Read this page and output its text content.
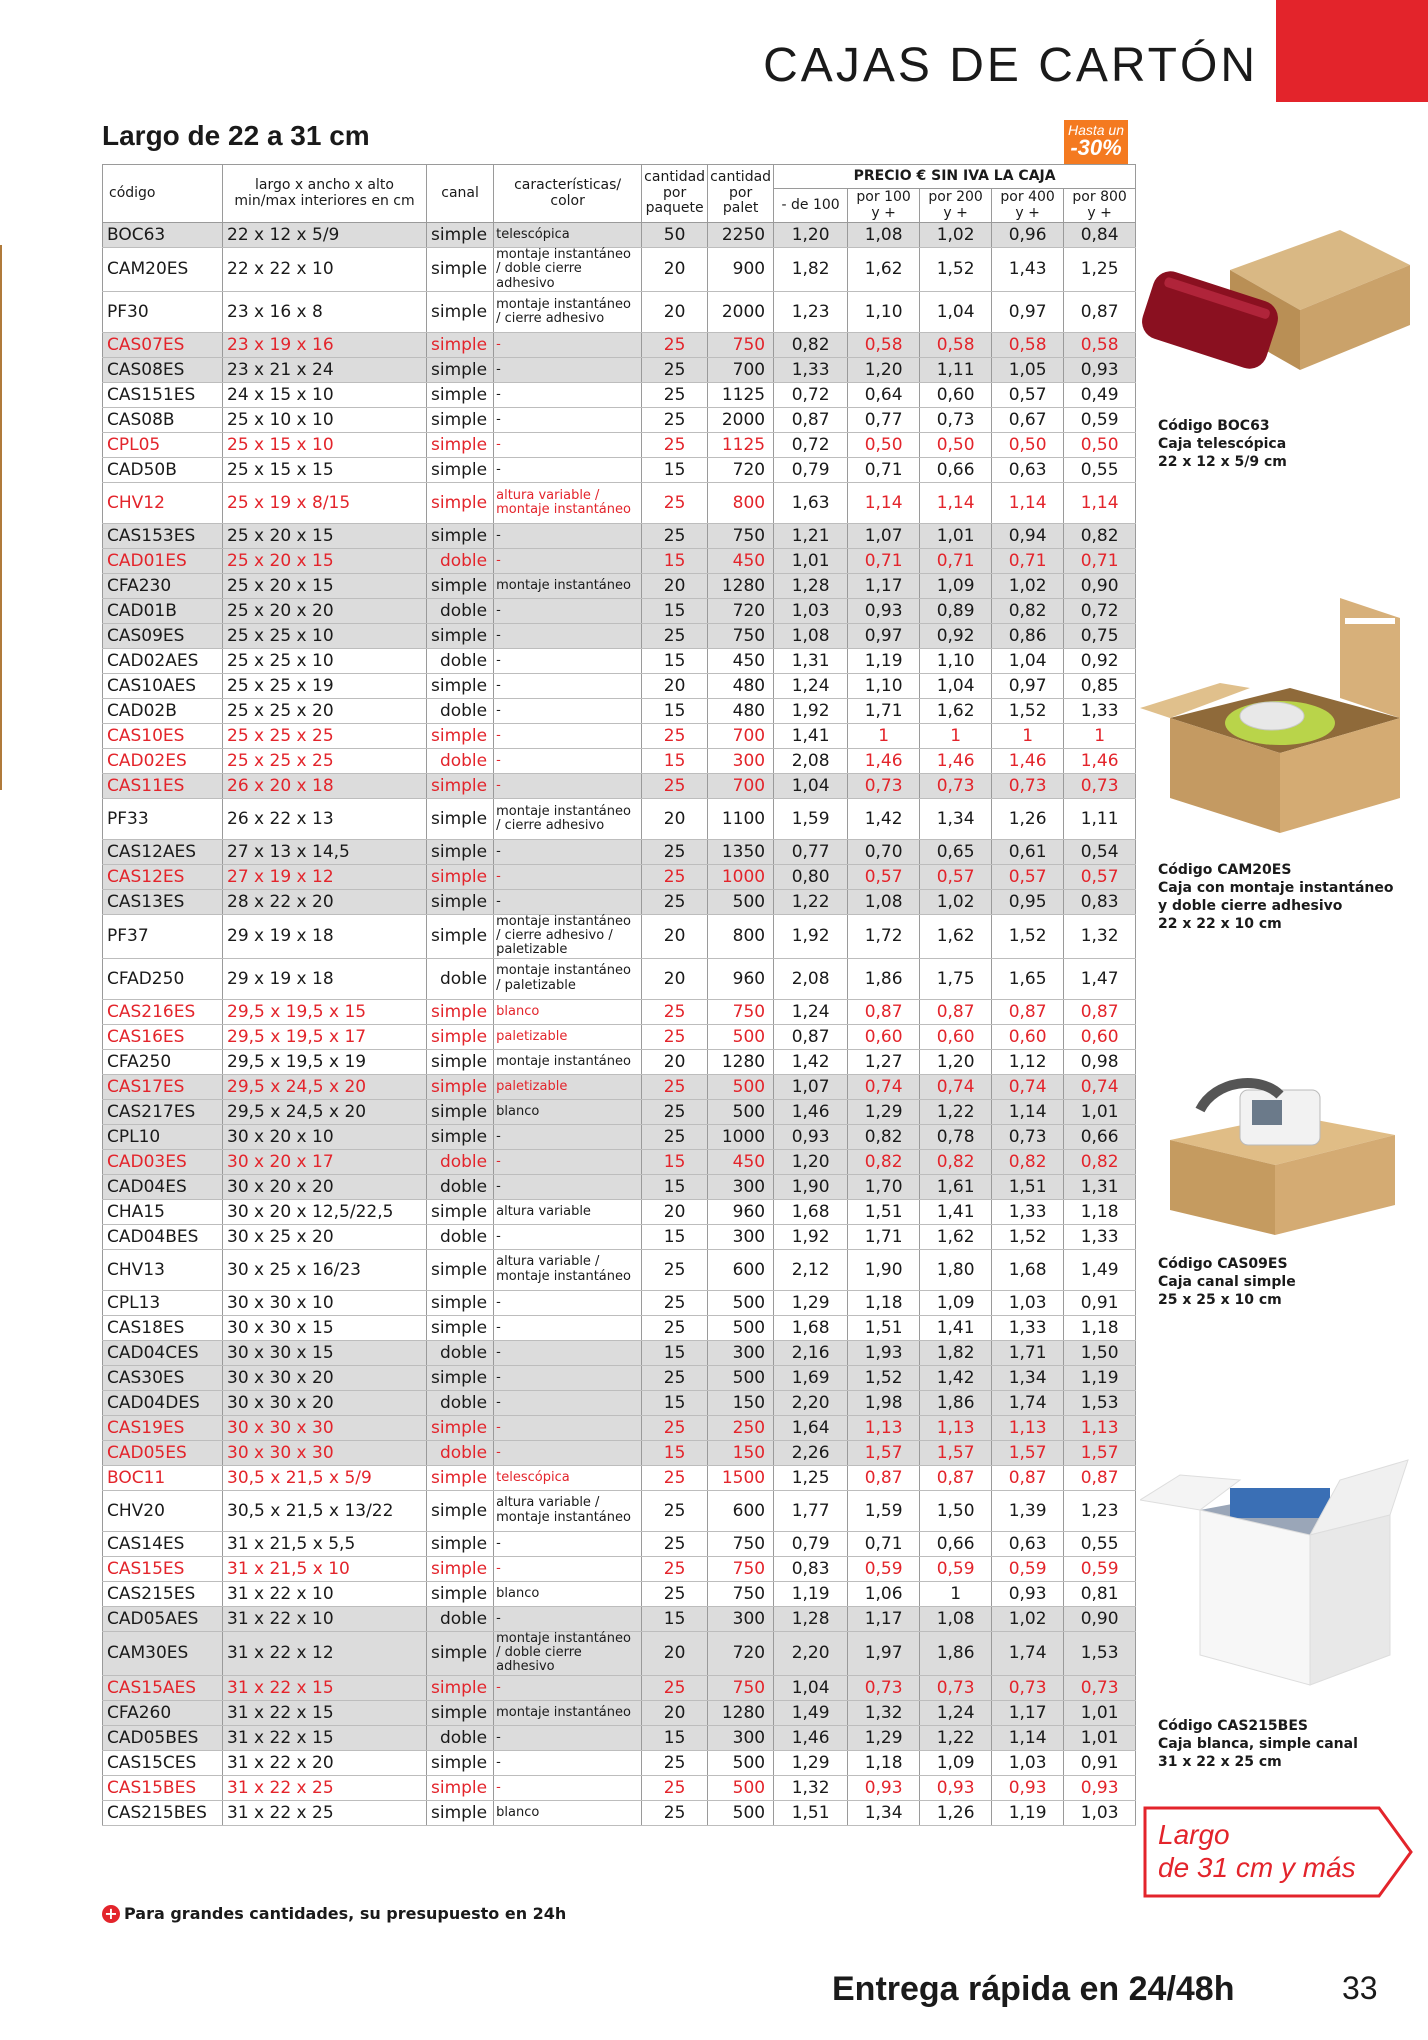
CAJAS DE CARTÓN
Largo de 22 a 31 cm	Hasta un
-30%
código	largo x ancho x alto min/max interiores en cm	canal	características/ color	cantidad por paquete	cantidad por palet	PRECIO € SIN IVA LA CAJA				
						- de 100	por 100 y +	por 200 y +	por 400 y +	por 800 y +
BOC63	22 x 12 x 5/9	simple	telescópica	50	2250	1,20	1,08	1,02	0,96	0,84
CAM20ES	22 x 22 x 10	simple	montaje instantáneo / doble cierre adhesivo	20	900	1,82	1,62	1,52	1,43	1,25
PF30	23 x 16 x 8	simple	montaje instantáneo / cierre adhesivo	20	2000	1,23	1,10	1,04	0,97	0,87
CAS07ES	23 x 19 x 16	simple	-	25	750	0,82	0,58	0,58	0,58	0,58
CAS08ES	23 x 21 x 24	simple	-	25	700	1,33	1,20	1,11	1,05	0,93
CAS151ES	24 x 15 x 10	simple	-	25	1125	0,72	0,64	0,60	0,57	0,49
CAS08B	25 x 10 x 10	simple	-	25	2000	0,87	0,77	0,73	0,67	0,59
CPL05	25 x 15 x 10	simple	-	25	1125	0,72	0,50	0,50	0,50	0,50
CAD50B	25 x 15 x 15	simple	-	15	720	0,79	0,71	0,66	0,63	0,55
CHV12	25 x 19 x 8/15	simple	altura variable / montaje instantáneo	25	800	1,63	1,14	1,14	1,14	1,14
CAS153ES	25 x 20 x 15	simple	-	25	750	1,21	1,07	1,01	0,94	0,82
CAD01ES	25 x 20 x 15	doble	-	15	450	1,01	0,71	0,71	0,71	0,71
CFA230	25 x 20 x 15	simple	montaje instantáneo	20	1280	1,28	1,17	1,09	1,02	0,90
CAD01B	25 x 20 x 20	doble	-	15	720	1,03	0,93	0,89	0,82	0,72
CAS09ES	25 x 25 x 10	simple	-	25	750	1,08	0,97	0,92	0,86	0,75
CAD02AES	25 x 25 x 10	doble	-	15	450	1,31	1,19	1,10	1,04	0,92
CAS10AES	25 x 25 x 19	simple	-	20	480	1,24	1,10	1,04	0,97	0,85
CAD02B	25 x 25 x 20	doble	-	15	480	1,92	1,71	1,62	1,52	1,33
CAS10ES	25 x 25 x 25	simple	-	25	700	1,41	1	1	1	1
CAD02ES	25 x 25 x 25	doble	-	15	300	2,08	1,46	1,46	1,46	1,46
CAS11ES	26 x 20 x 18	simple	-	25	700	1,04	0,73	0,73	0,73	0,73
PF33	26 x 22 x 13	simple	montaje instantáneo / cierre adhesivo	20	1100	1,59	1,42	1,34	1,26	1,11
CAS12AES	27 x 13 x 14,5	simple	-	25	1350	0,77	0,70	0,65	0,61	0,54
CAS12ES	27 x 19 x 12	simple	-	25	1000	0,80	0,57	0,57	0,57	0,57
CAS13ES	28 x 22 x 20	simple	-	25	500	1,22	1,08	1,02	0,95	0,83
PF37	29 x 19 x 18	simple	montaje instantáneo / cierre adhesivo / paletizable	20	800	1,92	1,72	1,62	1,52	1,32
CFAD250	29 x 19 x 18	doble	montaje instantáneo / paletizable	20	960	2,08	1,86	1,75	1,65	1,47
CAS216ES	29,5 x 19,5 x 15	simple	blanco	25	750	1,24	0,87	0,87	0,87	0,87
CAS16ES	29,5 x 19,5 x 17	simple	paletizable	25	500	0,87	0,60	0,60	0,60	0,60
CFA250	29,5 x 19,5 x 19	simple	montaje instantáneo	20	1280	1,42	1,27	1,20	1,12	0,98
CAS17ES	29,5 x 24,5 x 20	simple	paletizable	25	500	1,07	0,74	0,74	0,74	0,74
CAS217ES	29,5 x 24,5 x 20	simple	blanco	25	500	1,46	1,29	1,22	1,14	1,01
CPL10	30 x 20 x 10	simple	-	25	1000	0,93	0,82	0,78	0,73	0,66
CAD03ES	30 x 20 x 17	doble	-	15	450	1,20	0,82	0,82	0,82	0,82
CAD04ES	30 x 20 x 20	doble	-	15	300	1,90	1,70	1,61	1,51	1,31
CHA15	30 x 20 x 12,5/22,5	simple	altura variable	20	960	1,68	1,51	1,41	1,33	1,18
CAD04BES	30 x 25 x 20	doble	-	15	300	1,92	1,71	1,62	1,52	1,33
CHV13	30 x 25 x 16/23	simple	altura variable / montaje instantáneo	25	600	2,12	1,90	1,80	1,68	1,49
CPL13	30 x 30 x 10	simple	-	25	500	1,29	1,18	1,09	1,03	0,91
CAS18ES	30 x 30 x 15	simple	-	25	500	1,68	1,51	1,41	1,33	1,18
CAD04CES	30 x 30 x 15	doble	-	15	300	2,16	1,93	1,82	1,71	1,50
CAS30ES	30 x 30 x 20	simple	-	25	500	1,69	1,52	1,42	1,34	1,19
CAD04DES	30 x 30 x 20	doble	-	15	150	2,20	1,98	1,86	1,74	1,53
CAS19ES	30 x 30 x 30	simple	-	25	250	1,64	1,13	1,13	1,13	1,13
CAD05ES	30 x 30 x 30	doble	-	15	150	2,26	1,57	1,57	1,57	1,57
BOC11	30,5 x 21,5 x 5/9	simple	telescópica	25	1500	1,25	0,87	0,87	0,87	0,87
CHV20	30,5 x 21,5 x 13/22	simple	altura variable / montaje instantáneo	25	600	1,77	1,59	1,50	1,39	1,23
CAS14ES	31 x 21,5 x 5,5	simple	-	25	750	0,79	0,71	0,66	0,63	0,55
CAS15ES	31 x 21,5 x 10	simple	-	25	750	0,83	0,59	0,59	0,59	0,59
CAS215ES	31 x 22 x 10	simple	blanco	25	750	1,19	1,06	1	0,93	0,81
CAD05AES	31 x 22 x 10	doble	-	15	300	1,28	1,17	1,08	1,02	0,90
CAM30ES	31 x 22 x 12	simple	montaje instantáneo / doble cierre adhesivo	20	720	2,20	1,97	1,86	1,74	1,53
CAS15AES	31 x 22 x 15	simple	-	25	750	1,04	0,73	0,73	0,73	0,73
CFA260	31 x 22 x 15	simple	montaje instantáneo	20	1280	1,49	1,32	1,24	1,17	1,01
CAD05BES	31 x 22 x 15	doble	-	15	300	1,46	1,29	1,22	1,14	1,01
CAS15CES	31 x 22 x 20	simple	-	25	500	1,29	1,18	1,09	1,03	0,91
CAS15BES	31 x 22 x 25	simple	-	25	500	1,32	0,93	0,93	0,93	0,93
CAS215BES	31 x 22 x 25	simple	blanco	25	500	1,51	1,34	1,26	1,19	1,03
Código BOC63
Caja telescópica
22 x 12 x 5/9 cm
Código CAM20ES
Caja con montaje instantáneo
y doble cierre adhesivo
22 x 22 x 10 cm
Código CAS09ES
Caja canal simple
25 x 25 x 10 cm
Código CAS215BES
Caja blanca, simple canal
31 x 22 x 25 cm
Largo
de 31 cm y más
+ Para grandes cantidades, su presupuesto en 24h
Entrega rápida en 24/48h	33
